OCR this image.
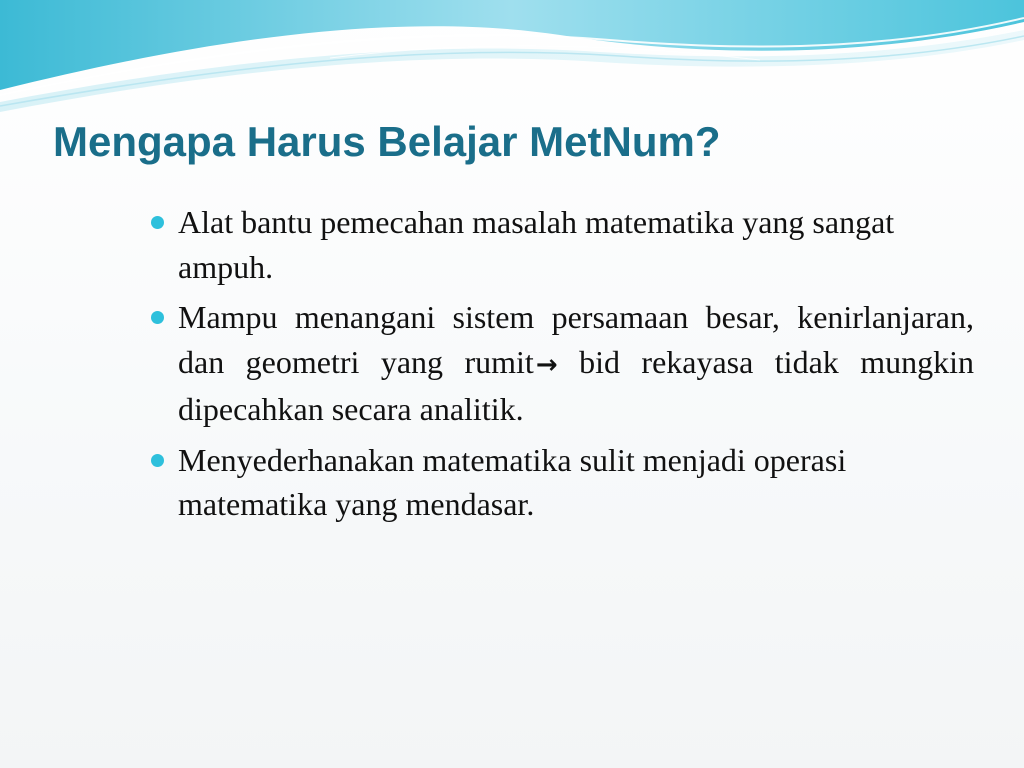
Mengapa Harus Belajar MetNum?
Alat bantu pemecahan masalah matematika yang sangat ampuh.
Mampu menangani sistem persamaan besar, kenirlanjaran, dan geometri yang rumit→ bid rekayasa tidak mungkin dipecahkan secara analitik.
Menyederhanakan matematika sulit menjadi operasi matematika yang mendasar.
